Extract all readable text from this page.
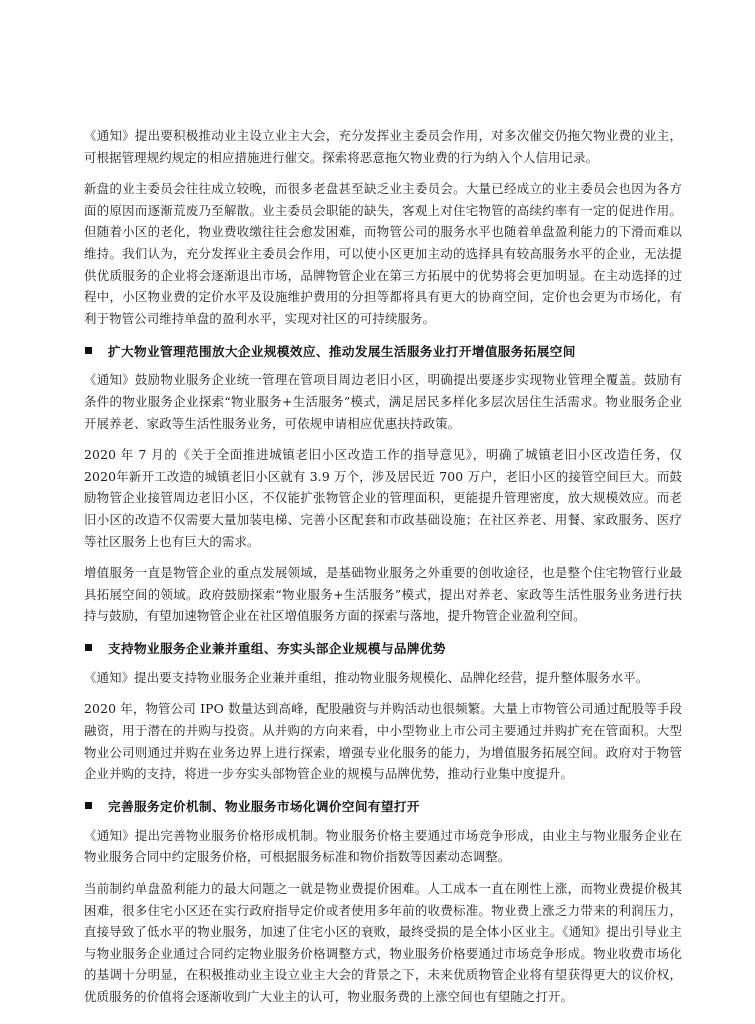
《通知》提出要积极推动业主设立业主大会，充分发挥业主委员会作用，对多次催交仍拖欠物业费的业主，可根据管理规约规定的相应措施进行催交。探索将恶意拖欠物业费的行为纳入个人信用记录。

新盘的业主委员会往往成立较晚，而很多老盘甚至缺乏业主委员会。大量已经成立的业主委员会也因为各方面的原因而逐渐荒废乃至解散。业主委员会职能的缺失，客观上对住宅物管的高续约率有一定的促进作用。但随着小区的老化，物业费收缴往往会愈发困难，而物管公司的服务水平也随着单盘盈利能力的下滑而难以维持。我们认为，充分发挥业主委员会作用，可以使小区更加主动的选择具有较高服务水平的企业，无法提供优质服务的企业将会逐渐退出市场，品牌物管企业在第三方拓展中的优势将会更加明显。在主动选择的过程中，小区物业费的定价水平及设施维护费用的分担等都将具有更大的协商空间，定价也会更为市场化，有利于物管公司维持单盘的盈利水平，实现对社区的可持续服务。

扩大物业管理范围放大企业规模效应、推动发展生活服务业打开增值服务拓展空间

《通知》鼓励物业服务企业统一管理在管项目周边老旧小区，明确提出要逐步实现物业管理全覆盖。鼓励有条件的物业服务企业探索“物业服务+生活服务”模式，满足居民多样化多层次居住生活需求。物业服务企业开展养老、家政等生活性服务业务，可依规申请相应优惠扶持政策。

2020 年 7 月的《关于全面推进城镇老旧小区改造工作的指导意见》，明确了城镇老旧小区改造任务，仅 2020年新开工改造的城镇老旧小区就有 3.9 万个，涉及居民近 700 万户，老旧小区的接管空间巨大。而鼓励物管企业接管周边老旧小区，不仅能扩张物管企业的管理面积，更能提升管理密度，放大规模效应。而老旧小区的改造不仅需要大量加装电梯、完善小区配套和市政基础设施；在社区养老、用餐、家政服务、医疗等社区服务上也有巨大的需求。

增值服务一直是物管企业的重点发展领域，是基础物业服务之外重要的创收途径，也是整个住宅物管行业最具拓展空间的领域。政府鼓励探索“物业服务+生活服务”模式，提出对养老、家政等生活性服务业务进行扶持与鼓励，有望加速物管企业在社区增值服务方面的探索与落地，提升物管企业盈利空间。

支持物业服务企业兼并重组、夯实头部企业规模与品牌优势

《通知》提出要支持物业服务企业兼并重组，推动物业服务规模化、品牌化经营，提升整体服务水平。

2020 年，物管公司 IPO 数量达到高峰，配股融资与并购活动也很频繁。大量上市物管公司通过配股等手段融资，用于潜在的并购与投资。从并购的方向来看，中小型物业上市公司主要通过并购扩充在管面积。大型物业公司则通过并购在业务边界上进行探索，增强专业化服务的能力，为增值服务拓展空间。政府对于物管企业并购的支持，将进一步夯实头部物管企业的规模与品牌优势，推动行业集中度提升。

完善服务定价机制、物业服务市场化调价空间有望打开

《通知》提出完善物业服务价格形成机制。物业服务价格主要通过市场竞争形成，由业主与物业服务企业在物业服务合同中约定服务价格，可根据服务标准和物价指数等因素动态调整。

当前制约单盘盈利能力的最大问题之一就是物业费提价困难。人工成本一直在刚性上涨，而物业费提价极其困难，很多住宅小区还在实行政府指导定价或者使用多年前的收费标准。物业费上涨乏力带来的利润压力，直接导致了低水平的物业服务，加速了住宅小区的衰败，最终受损的是全体小区业主。《通知》提出引导业主与物业服务企业通过合同约定物业服务价格调整方式，物业服务价格要通过市场竞争形成。物业收费市场化的基调十分明显，在积极推动业主设立业主大会的背景之下，未来优质物管企业将有望获得更大的议价权，优质服务的价值将会逐渐收到广大业主的认可，物业服务费的上涨空间也有望随之打开。
